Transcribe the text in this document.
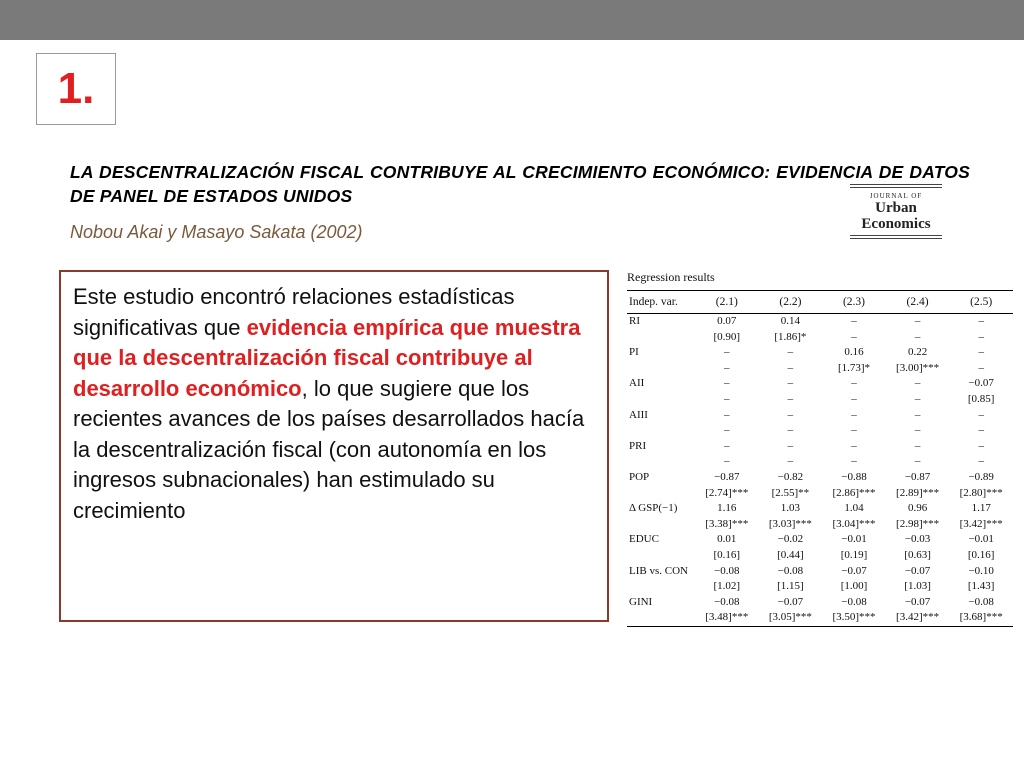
1.
LA DESCENTRALIZACIÓN FISCAL CONTRIBUYE AL CRECIMIENTO ECONÓMICO: EVIDENCIA DE DATOS DE PANEL DE ESTADOS UNIDOS
Nobou Akai y Masayo Sakata (2002)
JOURNAL OF
Urban
Economics
Este estudio encontró relaciones estadísticas significativas que evidencia empírica que muestra que la descentralización fiscal contribuye al desarrollo económico, lo que sugiere que los recientes avances de los países desarrollados hacía la descentralización fiscal (con autonomía en los ingresos subnacionales) han estimulado su crecimiento
Regression results
Indep. var.	(2.1)	(2.2)	(2.3)	(2.4)	(2.5)
RI	0.07	0.14	–	–	–
	[0.90]	[1.86]*	–	–	–
PI	–	–	0.16	0.22	–
	–	–	[1.73]*	[3.00]***	–
AII	–	–	–	–	−0.07
	–	–	–	–	[0.85]
AIII	–	–	–	–	–
	–	–	–	–	–
PRI	–	–	–	–	–
	–	–	–	–	–
POP	−0.87	−0.82	−0.88	−0.87	−0.89
	[2.74]***	[2.55]**	[2.86]***	[2.89]***	[2.80]***
Δ GSP(−1)	1.16	1.03	1.04	0.96	1.17
	[3.38]***	[3.03]***	[3.04]***	[2.98]***	[3.42]***
EDUC	0.01	−0.02	−0.01	−0.03	−0.01
	[0.16]	[0.44]	[0.19]	[0.63]	[0.16]
LIB vs. CON	−0.08	−0.08	−0.07	−0.07	−0.10
	[1.02]	[1.15]	[1.00]	[1.03]	[1.43]
GINI	−0.08	−0.07	−0.08	−0.07	−0.08
	[3.48]***	[3.05]***	[3.50]***	[3.42]***	[3.68]***
